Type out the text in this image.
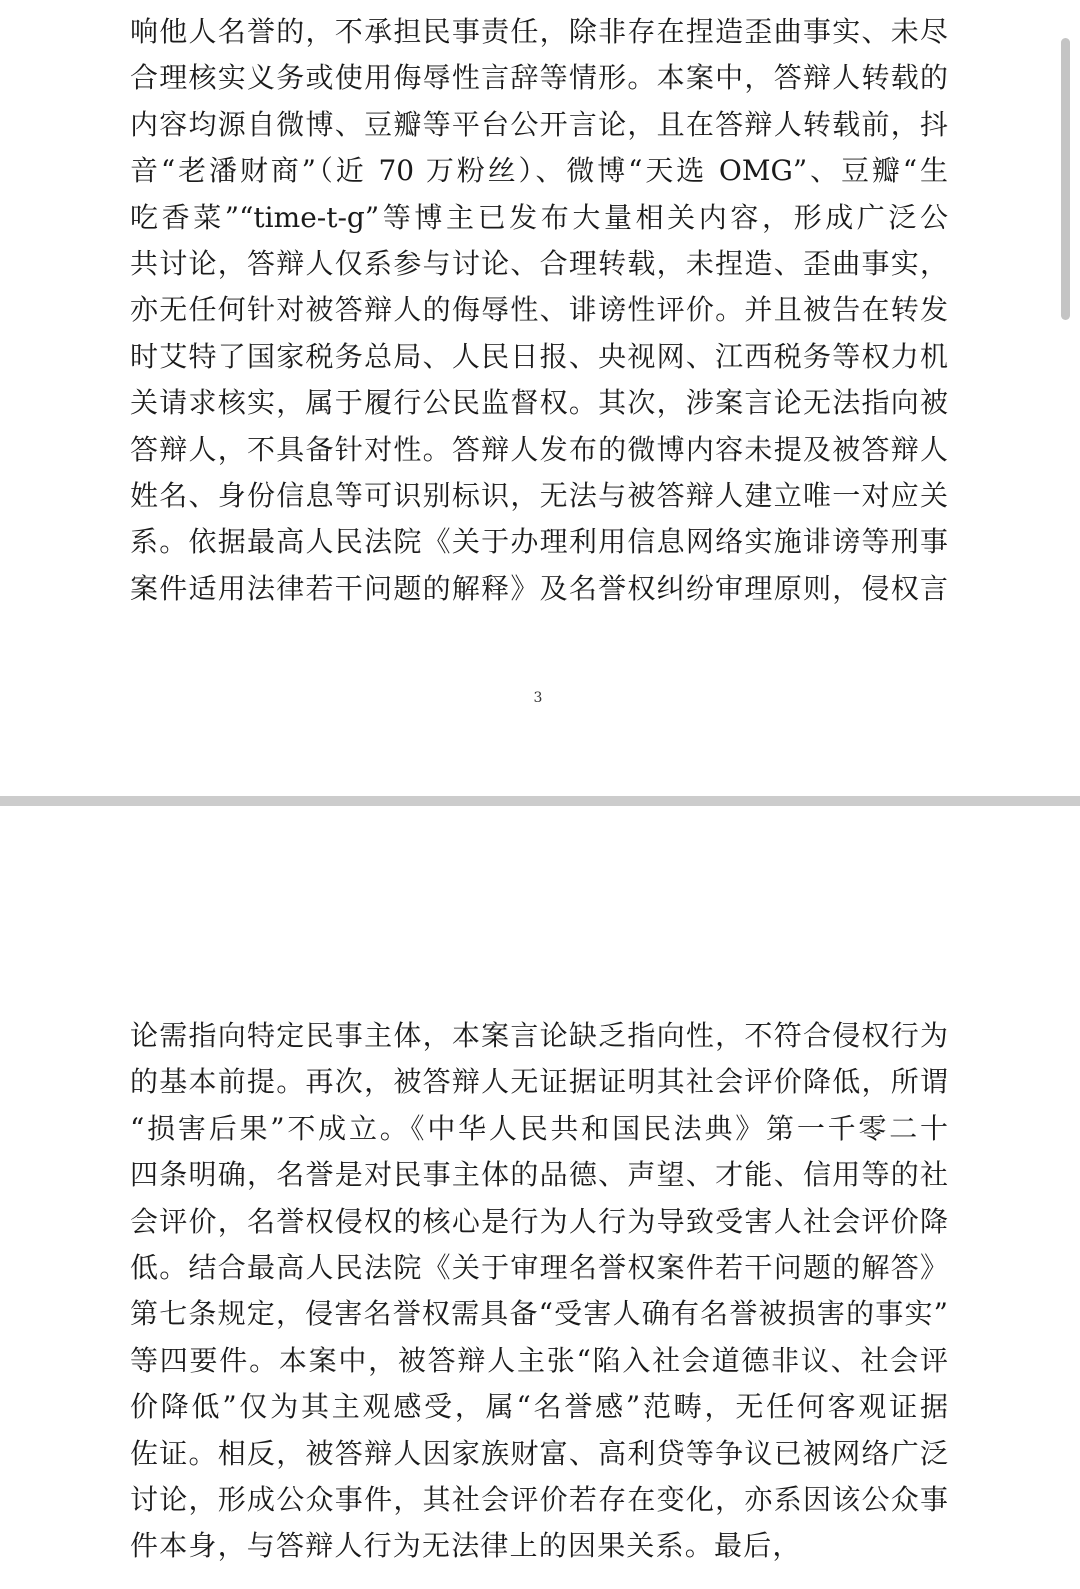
响他人名誉的，不承担民事责任，除非存在捏造歪曲事实、未尽
合理核实义务或使用侮辱性言辞等情形。本案中，答辩人转载的
内容均源自微博、豆瓣等平台公开言论，且在答辩人转载前，抖
音“老潘财商”（近 70 万粉丝）、微博“天选 OMG”、豆瓣“生
吃香菜”“time-t-g”等博主已发布大量相关内容，形成广泛公
共讨论，答辩人仅系参与讨论、合理转载，未捏造、歪曲事实，
亦无任何针对被答辩人的侮辱性、诽谤性评价。并且被告在转发
时艾特了国家税务总局、人民日报、央视网、江西税务等权力机
关请求核实，属于履行公民监督权。其次，涉案言论无法指向被
答辩人，不具备针对性。答辩人发布的微博内容未提及被答辩人
姓名、身份信息等可识别标识，无法与被答辩人建立唯一对应关
系。依据最高人民法院《关于办理利用信息网络实施诽谤等刑事
案件适用法律若干问题的解释》及名誉权纠纷审理原则，侵权言
3
论需指向特定民事主体，本案言论缺乏指向性，不符合侵权行为
的基本前提。再次，被答辩人无证据证明其社会评价降低，所谓
“损害后果”不成立。《中华人民共和国民法典》第一千零二十
四条明确，名誉是对民事主体的品德、声望、才能、信用等的社
会评价，名誉权侵权的核心是行为人行为导致受害人社会评价降
低。结合最高人民法院《关于审理名誉权案件若干问题的解答》
第七条规定，侵害名誉权需具备“受害人确有名誉被损害的事实”
等四要件。本案中，被答辩人主张“陷入社会道德非议、社会评
价降低”仅为其主观感受，属“名誉感”范畴，无任何客观证据
佐证。相反，被答辩人因家族财富、高利贷等争议已被网络广泛
讨论，形成公众事件，其社会评价若存在变化，亦系因该公众事
件本身，与答辩人行为无法律上的因果关系。最后，
